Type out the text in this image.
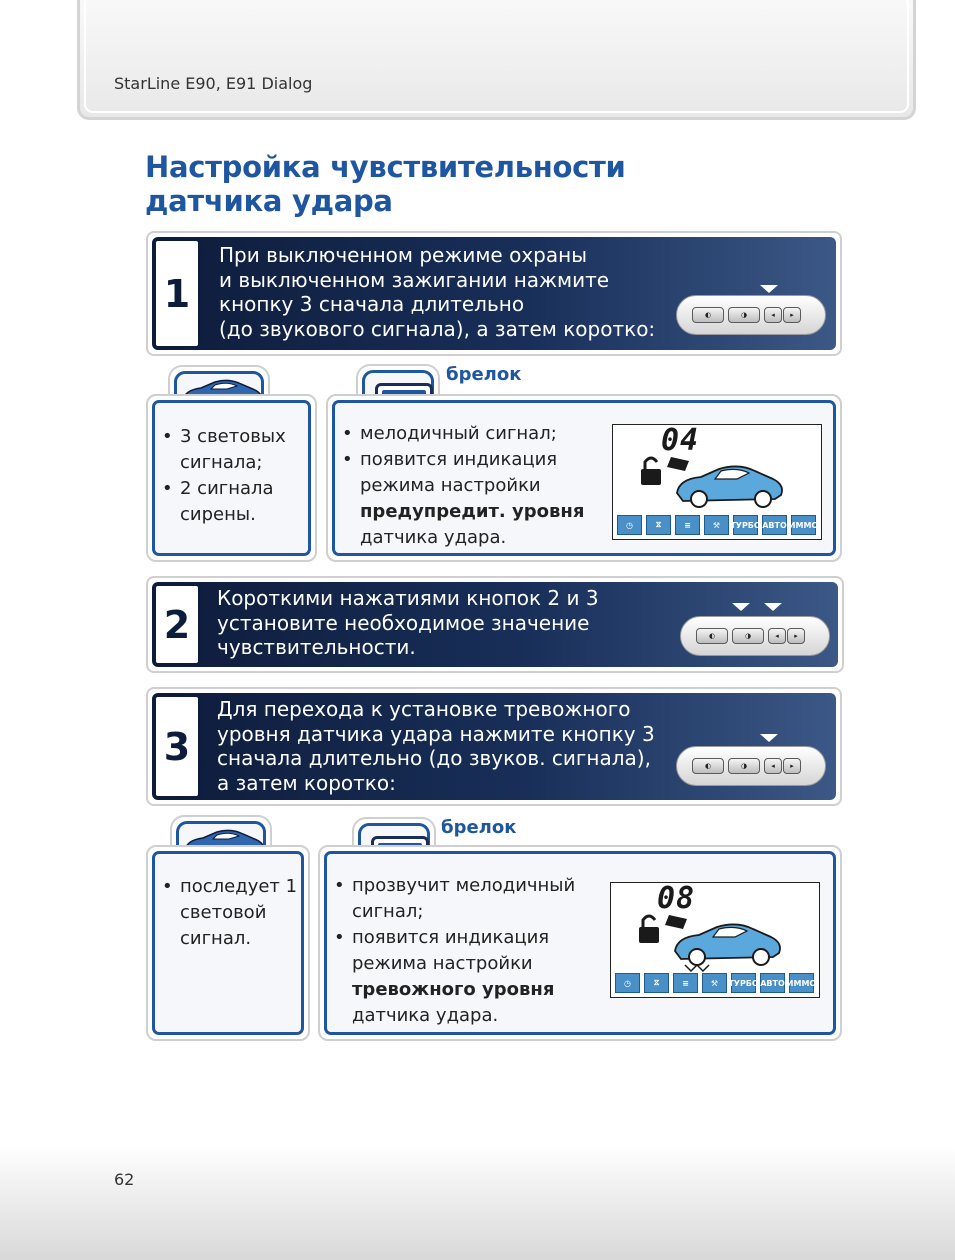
StarLine E90, E91 Dialog
Настройка чувствительности
датчика удара
1
При выключенном режиме охраны
и выключенном зажигании нажмите
кнопку 3 сначала длительно
(до звукового сигнала), а затем коротко:
◐	◑	◂	▸
• 3 световых сигнала;
• 2 сигнала сирены.
брелок
• мелодичный сигнал;
• появится индикация режима настройки предупредит. уровня датчика удара.
04
◷	⧖	≡	⚒	ТУРБО АВТО ИММО
2
Короткими нажатиями кнопок 2 и 3
установите необходимое значение
чувствительности.	◐	◑	◂	▸
3
Для перехода к установке тревожного
уровня датчика удара нажмите кнопку 3
сначала длительно (до звуков. сигнала),
а затем коротко:
◐	◑	◂	▸
• последует 1 световой сигнал.
брелок
• прозвучит мелодичный сигнал;
• появится индикация режима настройки тревожного уровня датчика удара.
08
◷	⧖	≡	⚒	ТУРБО АВТО ИММО
62
